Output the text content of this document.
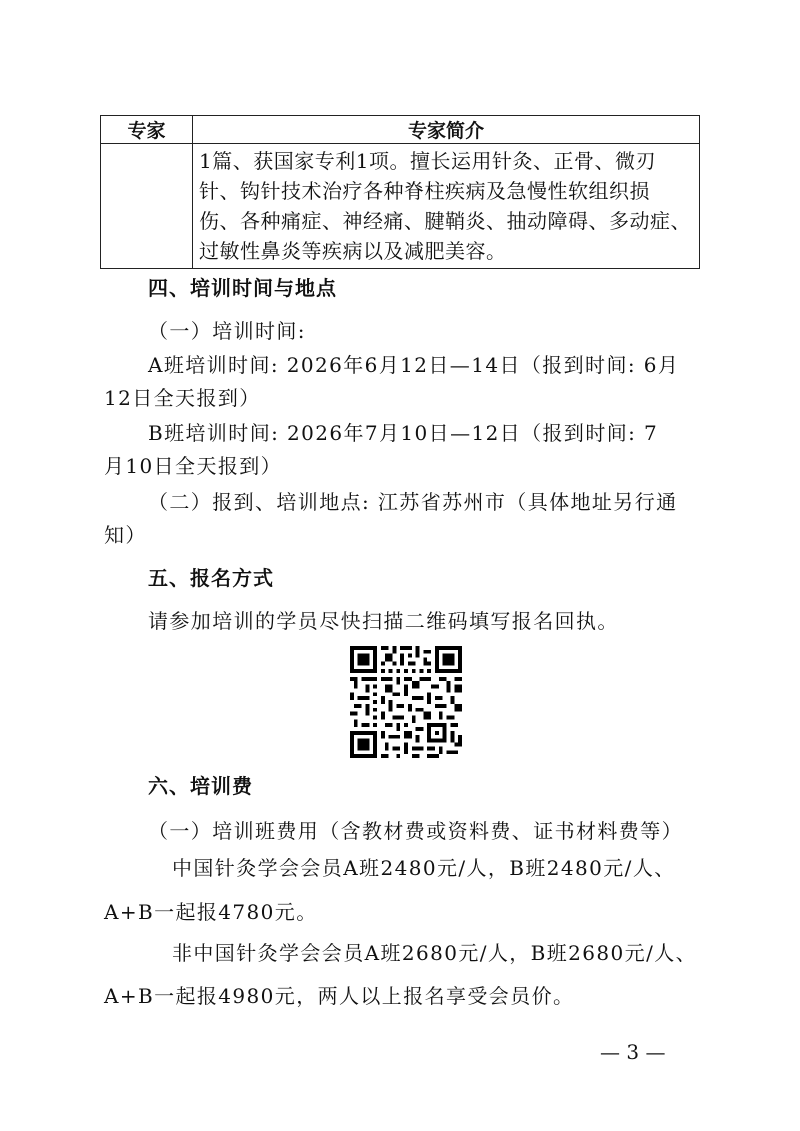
专家	专家简介

	1篇、获国家专利1项。擅长运用针灸、正骨、微刃
针、钩针技术治疗各种脊柱疾病及急慢性软组织损
伤、各种痛症、神经痛、腱鞘炎、抽动障碍、多动症、
过敏性鼻炎等疾病以及减肥美容。
四、培训时间与地点
（一）培训时间:
A班培训时间: 2026年6月12日—14日（报到时间: 6月
12日全天报到）
B班培训时间: 2026年7月10日—12日（报到时间: 7
月10日全天报到）
（二）报到、培训地点: 江苏省苏州市（具体地址另行通
知）
五、报名方式
请参加培训的学员尽快扫描二维码填写报名回执。
六、培训费
（一）培训班费用（含教材费或资料费、证书材料费等）
中国针灸学会会员A班2480元/人，B班2480元/人、
A+B一起报4780元。
非中国针灸学会会员A班2680元/人，B班2680元/人、
A+B一起报4980元，两人以上报名享受会员价。
— 3 —
